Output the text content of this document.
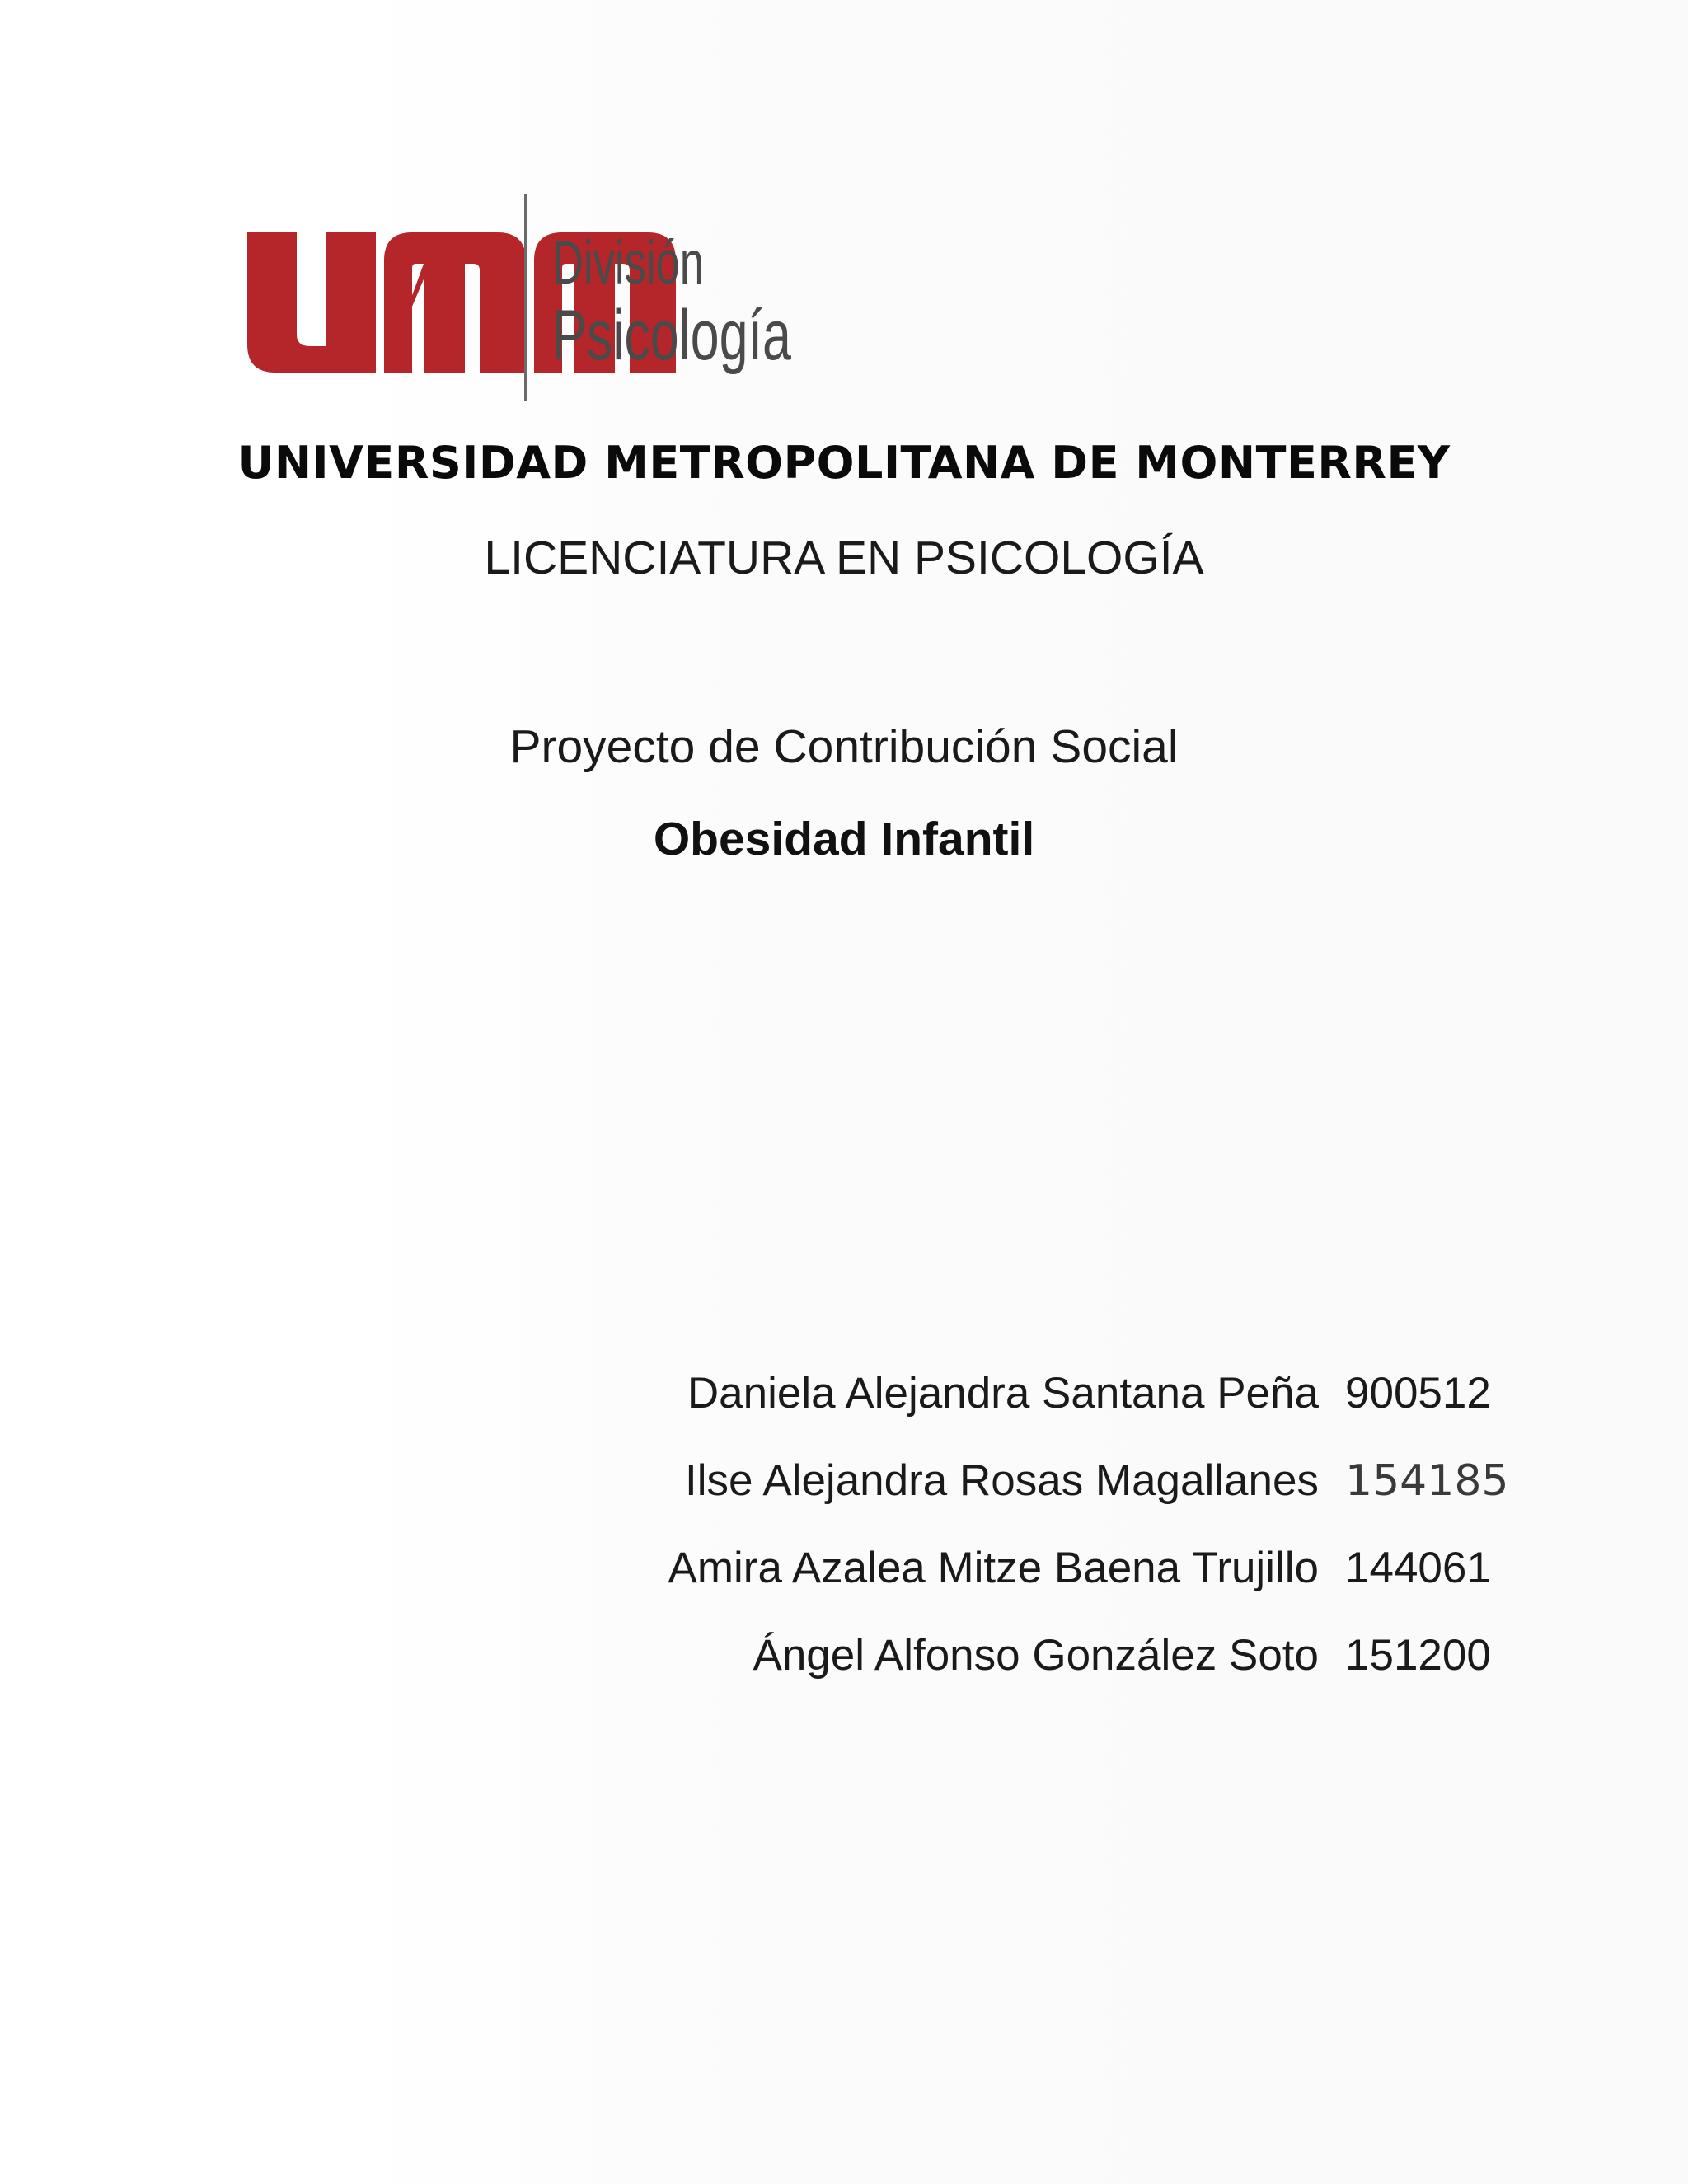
División
Psicología
UNIVERSIDAD METROPOLITANA DE MONTERREY
LICENCIATURA EN PSICOLOGÍA
Proyecto de Contribución Social
Obesidad Infantil
Daniela Alejandra Santana Peña 900512
Ilse Alejandra Rosas Magallanes 154185
Amira Azalea Mitze Baena Trujillo 144061
Ángel Alfonso González Soto 151200
